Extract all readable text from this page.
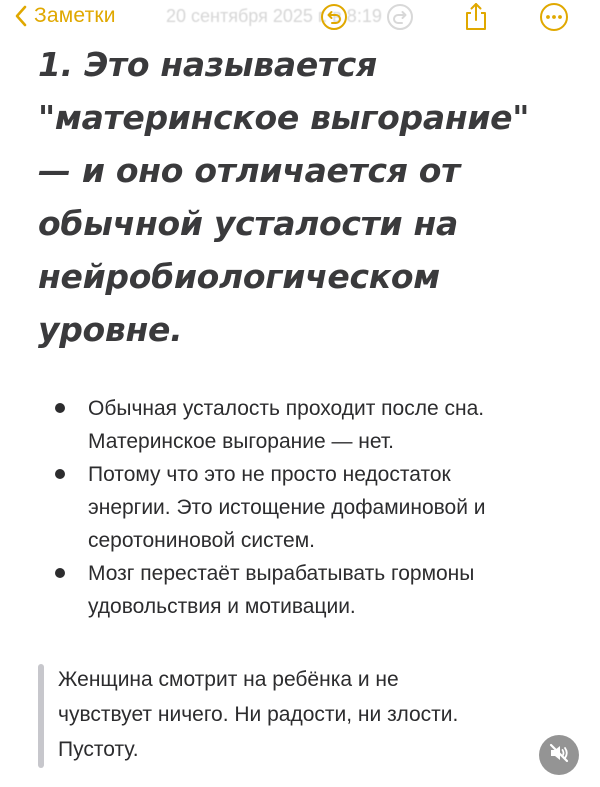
Заметки	20 сентября 2025 г. в 8:19
1. Это называется
"материнское выгорание"
— и оно отличается от
обычной усталости на
нейробиологическом
уровне.
Обычная усталость проходит после сна.
Материнское выгорание — нет.
Потому что это не просто недостаток
энергии. Это истощение дофаминовой и
серотониновой систем.
Мозг перестаёт вырабатывать гормоны
удовольствия и мотивации.
Женщина смотрит на ребёнка и не
чувствует ничего. Ни радости, ни злости.
Пустоту.
